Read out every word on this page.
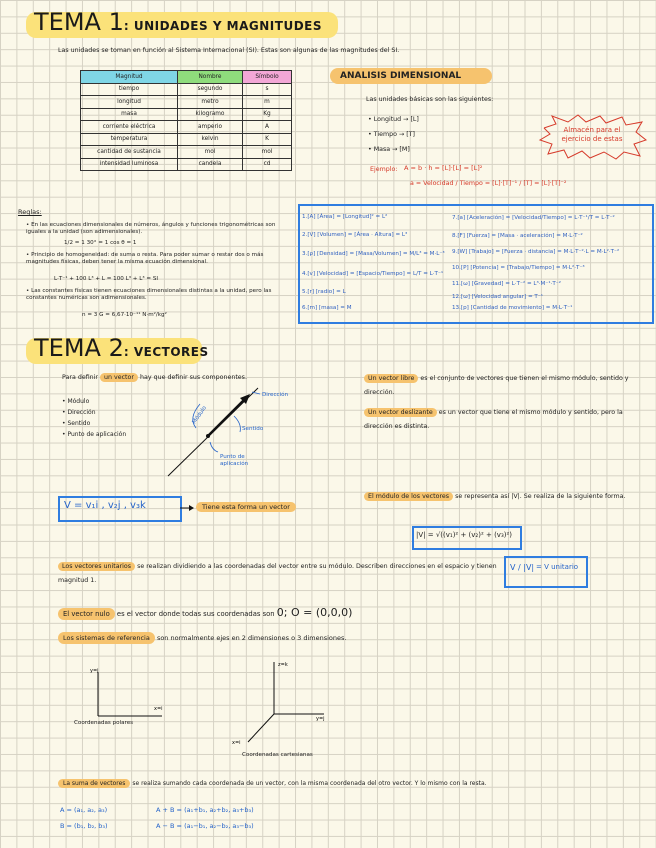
TEMA 1: UNIDADES Y MAGNITUDES
Las unidades se toman en función al Sistema Internacional (SI). Estas son algunas de las magnitudes del SI.
Magnitud	Nombre	Símbolo
tiempo	segundo	s
longitud	metro	m
masa	kilogramo	Kg
corriente eléctrica	amperio	A
temperatura	kelvin	K
cantidad de sustancia	mol	mol
intensidad luminosa	candela	cd
ANALISIS DIMENSIONAL
Las unidades básicas son las siguientes:
• Longitud → [L]
• Tiempo → [T]
• Masa → [M]
Almacén para el ejercicio de estas
Ejemplo: A = b · h = [L]·[L] = [L]²
a = Velocidad / Tiempo = [L]·[T]⁻¹ / [T] = [L]·[T]⁻²
Reglas:
• En las ecuaciones dimensionales de números, ángulos y funciones trigonométricas son iguales a la unidad (son adimensionales).
1/2 = 1 30° = 1 cos θ = 1
• Principio de homogeneidad: de suma o resta. Para poder sumar o restar dos o más magnitudes físicas, deben tener la misma ecuación dimensional.
L·T⁻¹ + 100 L³ + L = 100 L³ + L³ = SI
• Las constantes físicas tienen ecuaciones dimensionales distintas a la unidad, pero las constantes numéricas son adimensionales.
n = 3 G = 6,67·10⁻¹¹ N·m²/kg²
1.[A] [Área] = [Longitud]² = L²
2.[V] [Volumen] = [Área · Altura] = L³
3.[ρ] [Densidad] = [Masa/Volumen] = M/L³ = M·L⁻³
4.[v] [Velocidad] = [Espacio/Tiempo] = L/T = L·T⁻¹
5.[r] [radio] = L
6.[m] [masa] = M
7.[a] [Aceleración] = [Velocidad/Tiempo] = L·T⁻¹/T = L·T⁻²
8.[F] [Fuerza] = [Masa · aceleración] = M·L·T⁻²
9.[W] [Trabajo] = [Fuerza · distancia] = M·L·T⁻²·L = M·L²·T⁻²
10.[P] [Potencia] = [Trabajo/Tiempo] = M·L²·T⁻³
11.[ω] [Gravedad] = L·T⁻² = L³·M⁻¹·T⁻²
12.[ω] [Velocidad angular] = T⁻¹
13.[p] [Cantidad de movimiento] = M·L·T⁻¹
TEMA 2: VECTORES
Para definir un vector hay que definir sus componentes.
• Módulo
• Dirección
• Sentido
• Punto de aplicación
Dirección
Módulo
Sentido
Punto de aplicación
V = v₁i , v₂j , v₃k	Tiene esta forma un vector
Un vector libre es el conjunto de vectores que tienen el mismo módulo, sentido y dirección.
Un vector deslizante es un vector que tiene el mismo módulo y sentido, pero la dirección es distinta.
El módulo de los vectores se representa así |V|. Se realiza de la siguiente forma.
|V| = √((v₁)² + (v₂)² + (v₃)²)
Los vectores unitarios se realizan dividiendo a las coordenadas del vector entre su módulo. Describen direcciones en el espacio y tienen magnitud 1.
V / |V| = V unitario
El vector nulo es el vector donde todas sus coordenadas son 0; O = (0,0,0)
Los sistemas de referencia son normalmente ejes en 2 dimensiones o 3 dimensiones.
y=j
x=i
Coordenadas polares
z=k
y=j
x=i
Coordenadas cartesianas
La suma de vectores se realiza sumando cada coordenada de un vector, con la misma coordenada del otro vector. Y lo mismo con la resta.
A = (a₁, a₂, a₃)
B = (b₁, b₂, b₃)
A + B = (a₁+b₁, a₂+b₂, a₃+b₃)
A − B = (a₁−b₁, a₂−b₂, a₃−b₃)
